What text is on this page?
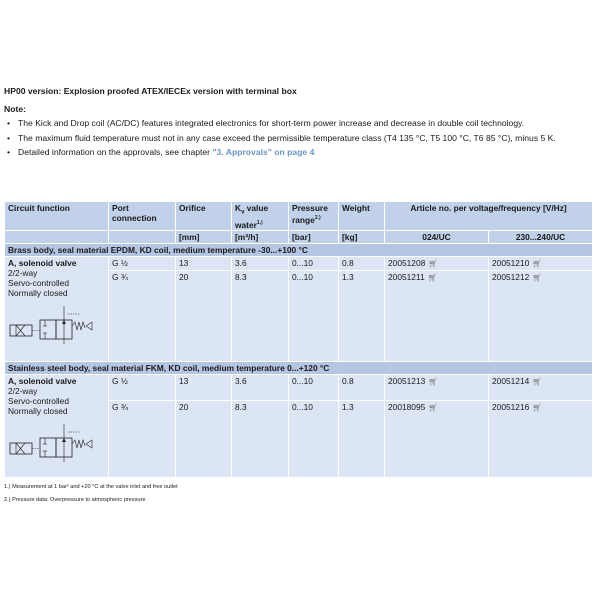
HP00 version: Explosion proofed ATEX/IECEx version with terminal box
Note:
• The Kick and Drop coil (AC/DC) features integrated electronics for short-term power increase and decrease in double coil technology.
• The maximum fluid temperature must not in any case exceed the permissible temperature class (T4 135 °C, T5 100 °C, T6 85 °C), minus 5 K.
• Detailed information on the approvals, see chapter "3. Approvals" on page 4
Circuit function	Port connection	Orifice	$K_v$ value water$^{1.)}$	Pressure range$^{2.)}$	Weight	Article no. per voltage/frequency [V/Hz]	
		[mm]	[m³/h]	[bar]	[kg]	024/UC	230...240/UC
Brass body, seal material EPDM, KD coil, medium temperature -30...+100 °C							

A, solenoid valve
2/2-way
Servo-controlled
Normally closed	G ½	13	3.6	0...10	0.8	20051208 🛒︎	20051210 🛒︎
	G ¾	20	8.3	0...10	1.3	20051211 🛒︎	20051212 🛒︎
Stainless steel body, seal material FKM, KD coil, medium temperature 0...+120 °C							

A, solenoid valve
2/2-way
Servo-controlled
Normally closed	G ½	13	3.6	0...10	0.8	20051213 🛒︎	20051214 🛒︎
	G ¾	20	8.3	0...10	1.3	20018095 🛒︎	20051216 🛒︎
1.) Measurement at 1 bar² and +20 °C at the valve inlet and free outlet
2.) Pressure data: Overpressure to atmospheric pressure
